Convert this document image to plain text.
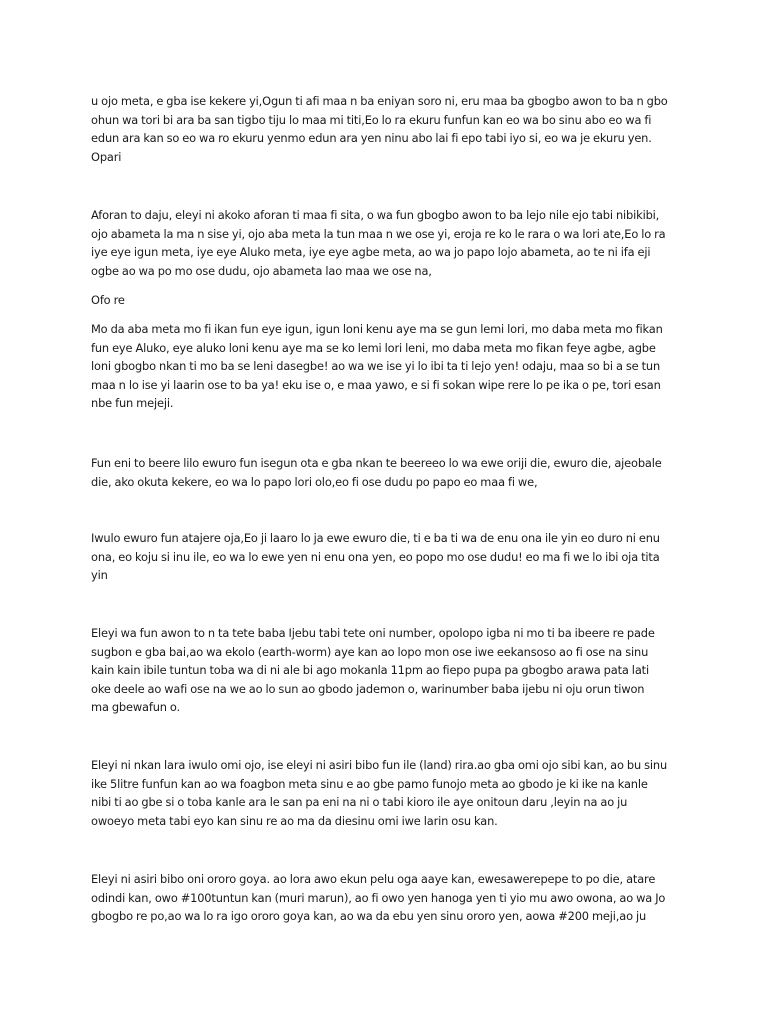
u ojo meta, e gba ise kekere yi,Ogun ti afi maa n ba eniyan soro ni, eru maa ba gbogbo awon to ba n gbo
ohun wa tori bi ara ba san tigbo tiju lo maa mi titi,Eo lo ra ekuru funfun kan eo wa bo sinu abo eo wa fi
edun ara kan so eo wa ro ekuru yenmo edun ara yen ninu abo lai fi epo tabi iyo si, eo wa je ekuru yen.
Opari

Aforan to daju, eleyi ni akoko aforan ti maa fi sita, o wa fun gbogbo awon to ba lejo nile ejo tabi nibikibi,
ojo abameta la ma n sise yi, ojo aba meta la tun maa n we ose yi, eroja re ko le rara o wa lori ate,Eo lo ra
iye eye igun meta, iye eye Aluko meta, iye eye agbe meta, ao wa jo papo lojo abameta, ao te ni ifa eji
ogbe ao wa po mo ose dudu, ojo abameta lao maa we ose na,

Ofo re

Mo da aba meta mo fi ikan fun eye igun, igun loni kenu aye ma se gun lemi lori, mo daba meta mo fikan
fun eye Aluko, eye aluko loni kenu aye ma se ko lemi lori leni, mo daba meta mo fikan feye agbe, agbe
loni gbogbo nkan ti mo ba se leni dasegbe! ao wa we ise yi lo ibi ta ti lejo yen! odaju, maa so bi a se tun
maa n lo ise yi laarin ose to ba ya! eku ise o, e maa yawo, e si fi sokan wipe rere lo pe ika o pe, tori esan
nbe fun mejeji.

Fun eni to beere lilo ewuro fun isegun ota e gba nkan te beereeo lo wa ewe oriji die, ewuro die, ajeobale
die, ako okuta kekere, eo wa lo papo lori olo,eo fi ose dudu po papo eo maa fi we,

Iwulo ewuro fun atajere oja,Eo ji laaro lo ja ewe ewuro die, ti e ba ti wa de enu ona ile yin eo duro ni enu
ona, eo koju si inu ile, eo wa lo ewe yen ni enu ona yen, eo popo mo ose dudu! eo ma fi we lo ibi oja tita
yin

Eleyi wa fun awon to n ta tete baba Ijebu tabi tete oni number, opolopo igba ni mo ti ba ibeere re pade
sugbon e gba bai,ao wa ekolo (earth-worm) aye kan ao lopo mon ose iwe eekansoso ao fi ose na sinu
kain kain ibile tuntun toba wa di ni ale bi ago mokanla 11pm ao fiepo pupa pa gbogbo arawa pata lati
oke deele ao wafi ose na we ao lo sun ao gbodo jademon o, warinumber baba ijebu ni oju orun tiwon
ma gbewafun o.

Eleyi ni nkan lara iwulo omi ojo, ise eleyi ni asiri bibo fun ile (land) rira.ao gba omi ojo sibi kan, ao bu sinu
ike 5litre funfun kan ao wa foagbon meta sinu e ao gbe pamo funojo meta ao gbodo je ki ike na kanle
nibi ti ao gbe si o toba kanle ara le san pa eni na ni o tabi kioro ile aye onitoun daru ,leyin na ao ju
owoeyo meta tabi eyo kan sinu re ao ma da diesinu omi iwe larin osu kan.

Eleyi ni asiri bibo oni ororo goya. ao lora awo ekun pelu oga aaye kan, ewesawerepepe to po die, atare
odindi kan, owo #100tuntun kan (muri marun), ao fi owo yen hanoga yen ti yio mu awo owona, ao wa Jo
gbogbo re po,ao wa lo ra igo ororo goya kan, ao wa da ebu yen sinu ororo yen, aowa #200 meji,ao ju
